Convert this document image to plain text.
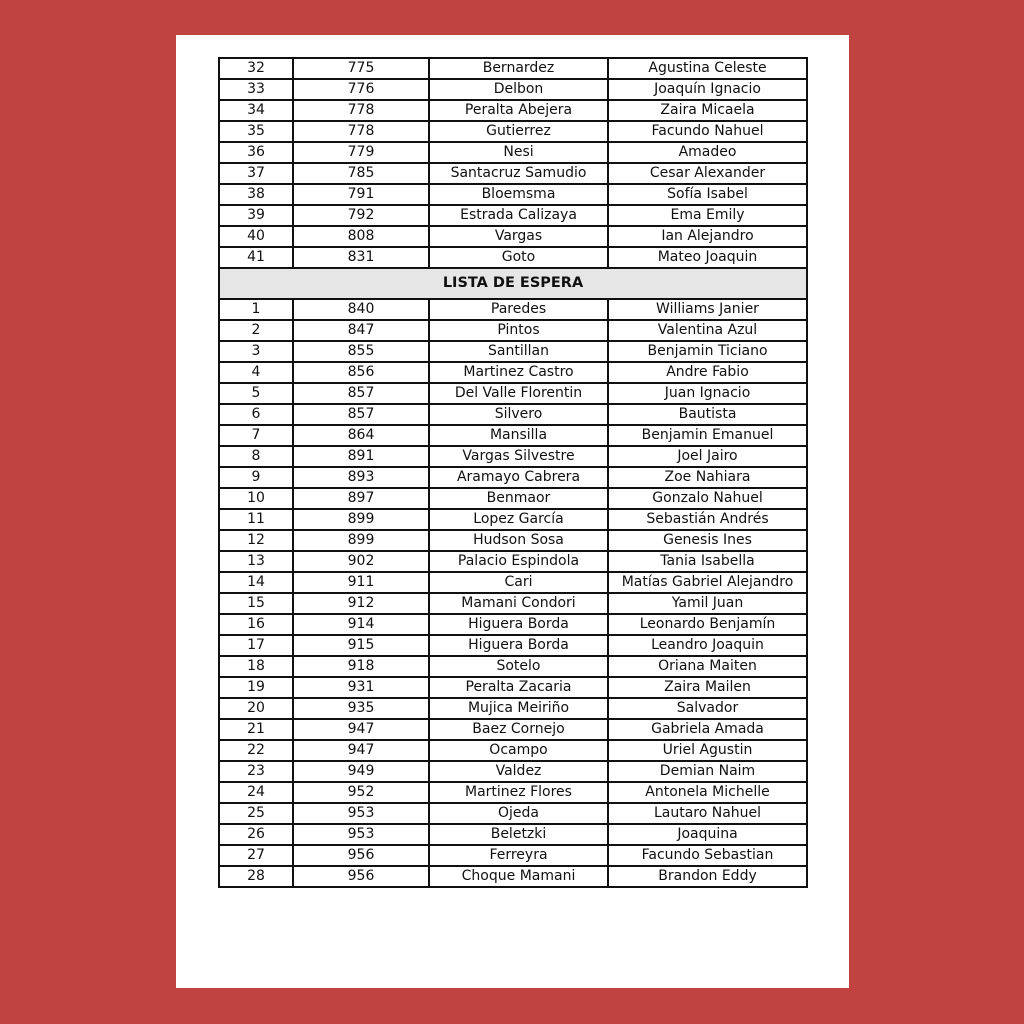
32	775	Bernardez	Agustina Celeste
33	776	Delbon	Joaquín Ignacio
34	778	Peralta Abejera	Zaira Micaela
35	778	Gutierrez	Facundo Nahuel
36	779	Nesi	Amadeo
37	785	Santacruz Samudio	Cesar Alexander
38	791	Bloemsma	Sofía Isabel
39	792	Estrada Calizaya	Ema Emily
40	808	Vargas	Ian Alejandro
41	831	Goto	Mateo Joaquin
LISTA DE ESPERA			
1	840	Paredes	Williams Janier
2	847	Pintos	Valentina Azul
3	855	Santillan	Benjamin Ticiano
4	856	Martinez Castro	Andre Fabio
5	857	Del Valle Florentin	Juan Ignacio
6	857	Silvero	Bautista
7	864	Mansilla	Benjamin Emanuel
8	891	Vargas Silvestre	Joel Jairo
9	893	Aramayo Cabrera	Zoe Nahiara
10	897	Benmaor	Gonzalo Nahuel
11	899	Lopez García	Sebastián Andrés
12	899	Hudson Sosa	Genesis Ines
13	902	Palacio Espindola	Tania Isabella
14	911	Cari	Matías Gabriel Alejandro
15	912	Mamani Condori	Yamil Juan
16	914	Higuera Borda	Leonardo Benjamín
17	915	Higuera Borda	Leandro Joaquin
18	918	Sotelo	Oriana Maiten
19	931	Peralta Zacaria	Zaira Mailen
20	935	Mujica Meiriño	Salvador
21	947	Baez Cornejo	Gabriela Amada
22	947	Ocampo	Uriel Agustin
23	949	Valdez	Demian Naim
24	952	Martinez Flores	Antonela Michelle
25	953	Ojeda	Lautaro Nahuel
26	953	Beletzki	Joaquina
27	956	Ferreyra	Facundo Sebastian
28	956	Choque Mamani	Brandon Eddy
